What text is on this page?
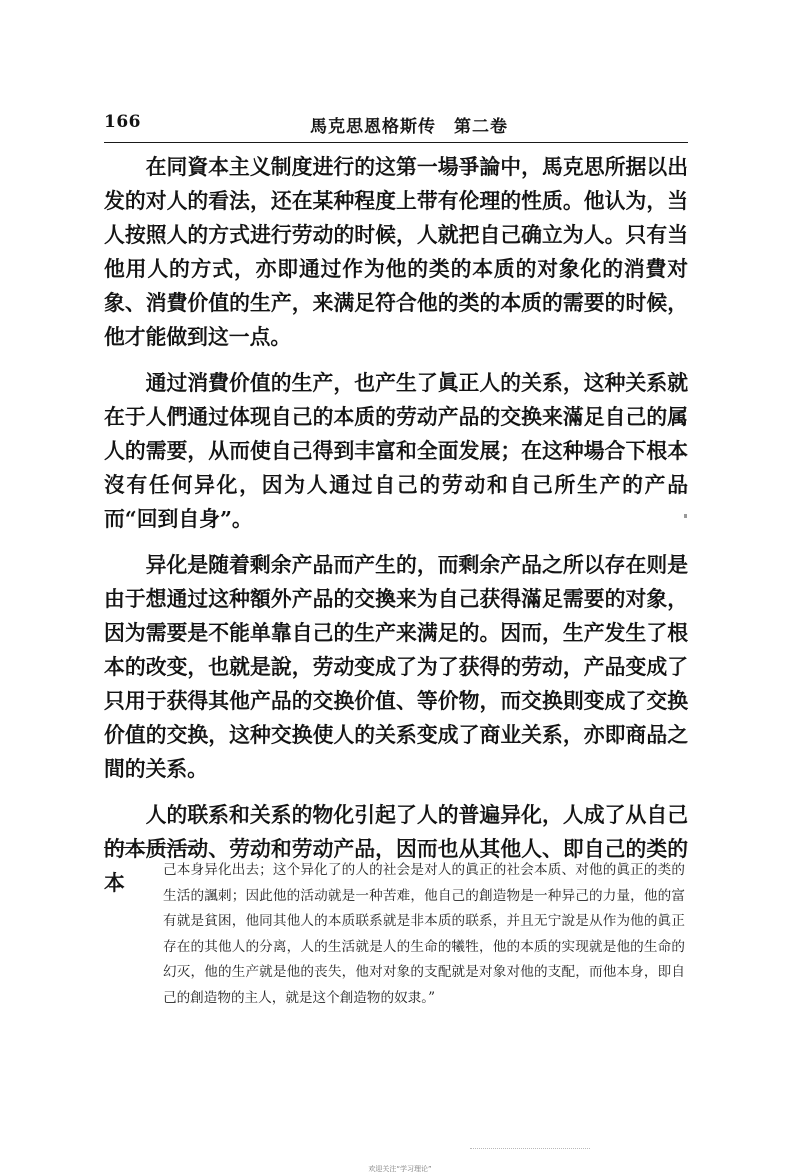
166	馬克思恩格斯传　第二卷

在同資本主义制度进行的这第一場爭論中，馬克思所据以出发的对人的看法，还在某种程度上带有伦理的性质。他认为，当人按照人的方式进行劳动的时候，人就把自己确立为人。只有当他用人的方式，亦即通过作为他的类的本质的对象化的消費对象、消費价值的生产，来满足符合他的类的本质的需要的时候，他才能做到这一点。

通过消費价值的生产，也产生了眞正人的关系，这种关系就在于人們通过体现自己的本质的劳动产品的交换来滿足自己的属人的需要，从而使自己得到丰富和全面发展；在这种場合下根本沒有任何异化，因为人通过自己的劳动和自己所生产的产品而“回到自身”。

异化是随着剩余产品而产生的，而剩余产品之所以存在则是由于想通过这种額外产品的交換来为自己获得滿足需要的对象，因为需要是不能单靠自己的生产来满足的。因而，生产发生了根本的改变，也就是說，劳动变成了为了获得的劳动，产品变成了只用于获得其他产品的交换价值、等价物，而交换則变成了交换价值的交换，这种交换使人的关系变成了商业关系，亦即商品之間的关系。

人的联系和关系的物化引起了人的普遍异化，人成了从自己的本质活动、劳动和劳动产品，因而也从其他人、即自己的类的本	己本身异化出去；这个异化了的人的社会是对人的眞正的社会本质、对他的眞正的类的生活的諷刺；因此他的活动就是一种苦难，他自己的創造物是一种异己的力量，他的富有就是貧困，他同其他人的本质联系就是非本质的联系，并且无宁說是从作为他的眞正存在的其他人的分离，人的生活就是人的生命的犧牲，他的本质的实现就是他的生命的幻灭，他的生产就是他的丧失，他对对象的支配就是对象对他的支配，而他本身，即自己的創造物的主人，就是这个創造物的奴隶。”

欢迎关注“学习理论”
